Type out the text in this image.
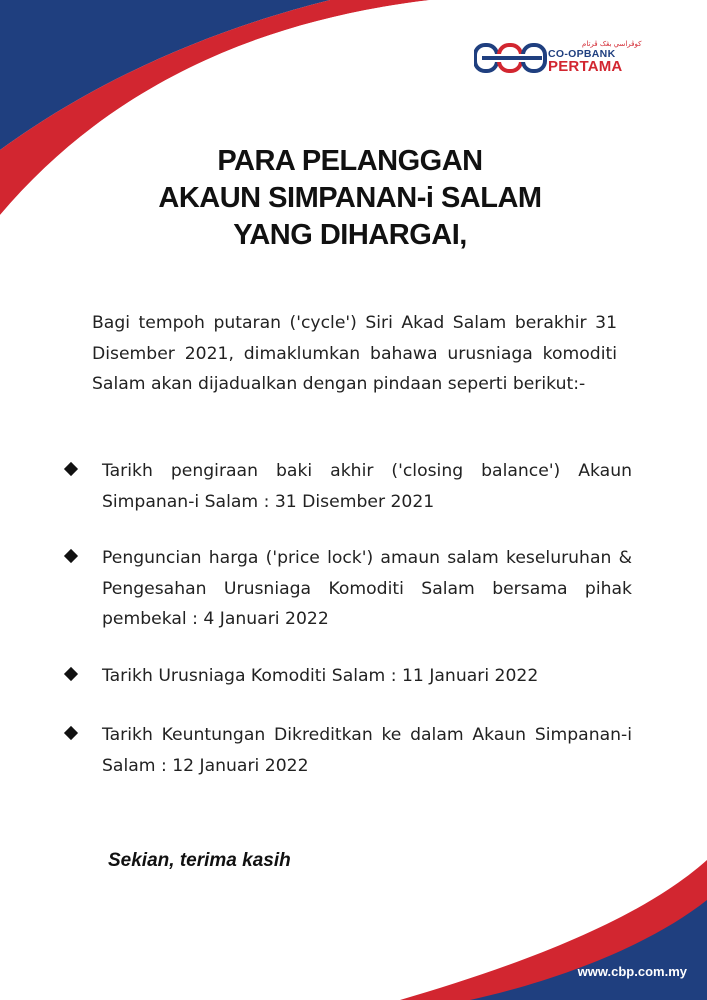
کوڤراسي بڠک ڤرتام
CO-OPBANK
PERTAMA
PARA PELANGGAN
AKAUN SIMPANAN-i SALAM
YANG DIHARGAI,
Bagi tempoh putaran ('cycle') Siri Akad Salam berakhir 31 Disember 2021, dimaklumkan bahawa urusniaga komoditi Salam akan dijadualkan dengan pindaan seperti berikut:-
Tarikh pengiraan baki akhir ('closing balance') Akaun Simpanan-i Salam : 31 Disember 2021
Penguncian harga ('price lock') amaun salam keseluruhan & Pengesahan Urusniaga Komoditi Salam bersama pihak pembekal : 4 Januari 2022
Tarikh Urusniaga Komoditi Salam : 11 Januari 2022
Tarikh Keuntungan Dikreditkan ke dalam Akaun Simpanan-i Salam : 12 Januari 2022
Sekian, terima kasih
www.cbp.com.my
